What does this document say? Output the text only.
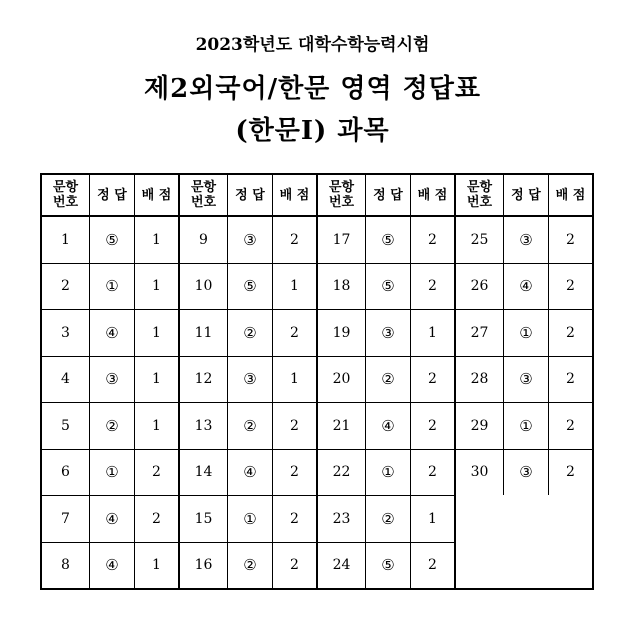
2023학년도 대학수학능력시험
제2외국어/한문 영역 정답표
(한문Ⅰ) 과목
문항
번호	정 답	배 점
1	⑤	1
2	①	1
3	④	1
4	③	1
5	②	1
6	①	2
7	④	2
8	④	1
문항
번호	정 답	배 점
9	③	2
10	⑤	1
11	②	2
12	③	1
13	②	2
14	④	2
15	①	2
16	②	2
문항
번호	정 답	배 점
17	⑤	2
18	⑤	2
19	③	1
20	②	2
21	④	2
22	①	2
23	②	1
24	⑤	2
문항
번호	정 답	배 점
25	③	2
26	④	2
27	①	2
28	③	2
29	①	2
30	③	2
